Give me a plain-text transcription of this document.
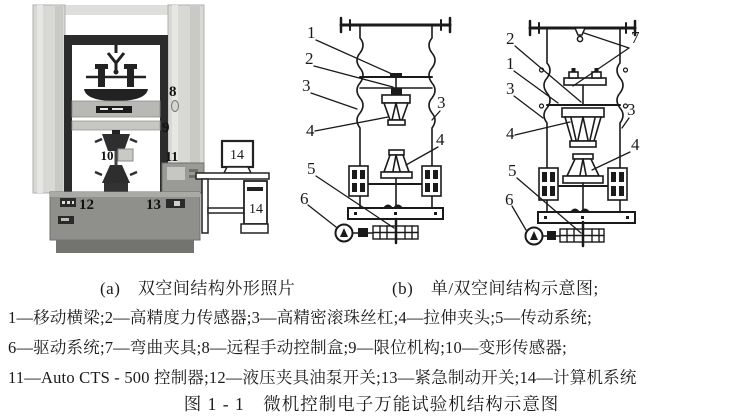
8
9
10	11
12	13
14
14
1
2
3
4
3
4
5
6
2
1
3
4
5
6
7
3
4
(a)　双空间结构外形照片	(b)　单/双空间结构示意图;
1—移动横梁;2—高精度力传感器;3—高精密滚珠丝杠;4—拉伸夹头;5—传动系统;
6—驱动系统;7—弯曲夹具;8—远程手动控制盒;9—限位机构;10—变形传感器;
11—Auto CTS - 500 控制器;12—液压夹具油泵开关;13—紧急制动开关;14—计算机系统
图 1 - 1　微机控制电子万能试验机结构示意图
